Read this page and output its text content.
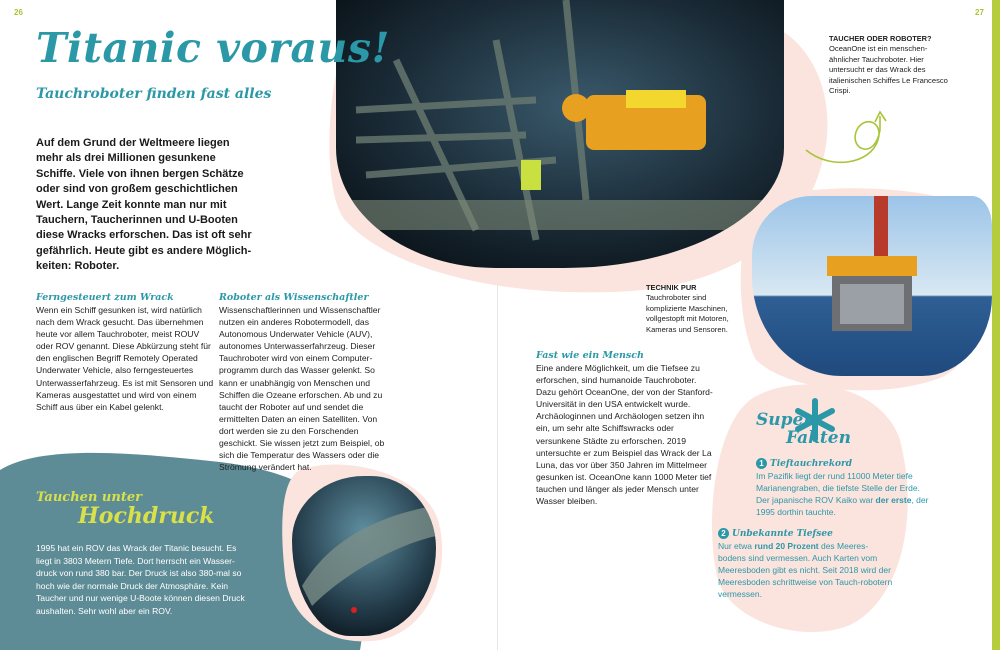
26	27
Titanic voraus!
Tauchroboter finden fast alles
Auf dem Grund der Weltmeere liegen mehr als drei Millionen gesunkene Schiffe. Viele von ihnen bergen Schätze oder sind von großem geschichtlichen Wert. Lange Zeit konnte man nur mit Tauchern, Taucherinnen und U-Booten diese Wracks erforschen. Das ist oft sehr gefährlich. Heute gibt es andere Möglich-keiten: Roboter.
Ferngesteuert zum Wrack
Wenn ein Schiff gesunken ist, wird natürlich nach dem Wrack gesucht. Das übernehmen heute vor allem Tauchroboter, meist ROUV oder ROV genannt. Diese Abkürzung steht für den englischen Begriff Remotely Operated Underwater Vehicle, also ferngesteuertes Unterwasserfahrzeug. Es ist mit Sensoren und Kameras ausgestattet und wird von einem Schiff aus über ein Kabel gelenkt.
Roboter als Wissenschaftler
Wissenschaftlerinnen und Wissenschaftler nutzen ein anderes Robotermodell, das Autonomous Underwater Vehicle (AUV), autonomes Unterwasserfahrzeug. Dieser Tauchroboter wird von einem Computer-programm durch das Wasser gelenkt. So kann er unabhängig von Menschen und Schiffen die Ozeane erforschen. Ab und zu taucht der Roboter auf und sendet die ermittelten Daten an einen Satelliten. Von dort werden sie zu den Forschenden geschickt. Sie wissen jetzt zum Beispiel, ob sich die Temperatur des Wassers oder die Strömung verändert hat.
Fast wie ein Mensch
Eine andere Möglichkeit, um die Tiefsee zu erforschen, sind humanoide Tauchroboter. Dazu gehört OceanOne, der von der Stanford-Universität in den USA entwickelt wurde. Archäologinnen und Archäologen setzen ihn ein, um sehr alte Schiffswracks oder versunkene Städte zu erforschen. 2019 untersuchte er zum Beispiel das Wrack der La Luna, das vor über 350 Jahren im Mittelmeer gesunken ist. OceanOne kann 1000 Meter tief tauchen und länger als jeder Mensch unter Wasser bleiben.
TAUCHER ODER ROBOTER?
OceanOne ist ein menschen-ähnlicher Tauchroboter. Hier untersucht er das Wrack des italienischen Schiffes Le Francesco Crispi.
TECHNIK PUR
Tauchroboter sind komplizierte Maschinen, vollgestopft mit Motoren, Kameras und Sensoren.
Tauchen unter
Hochdruck
1995 hat ein ROV das Wrack der Titanic besucht. Es liegt in 3803 Metern Tiefe. Dort herrscht ein Wasser-druck von rund 380 bar. Der Druck ist also 380-mal so hoch wie der normale Druck der Atmosphäre. Kein Taucher und nur wenige U-Boote können diesen Druck aushalten. Sehr wohl aber ein ROV.
Super
Fakten
1 Tieftauchrekord
Im Pazifik liegt der rund 11000 Meter tiefe Marianengraben, die tiefste Stelle der Erde. Der japanische ROV Kaiko war der erste, der 1995 dorthin tauchte.
2 Unbekannte Tiefsee
Nur etwa rund 20 Prozent des Meeres-bodens sind vermessen. Auch Karten vom Meeresboden gibt es nicht. Seit 2018 wird der Meeresboden schrittweise von Tauch-robotern vermessen.
